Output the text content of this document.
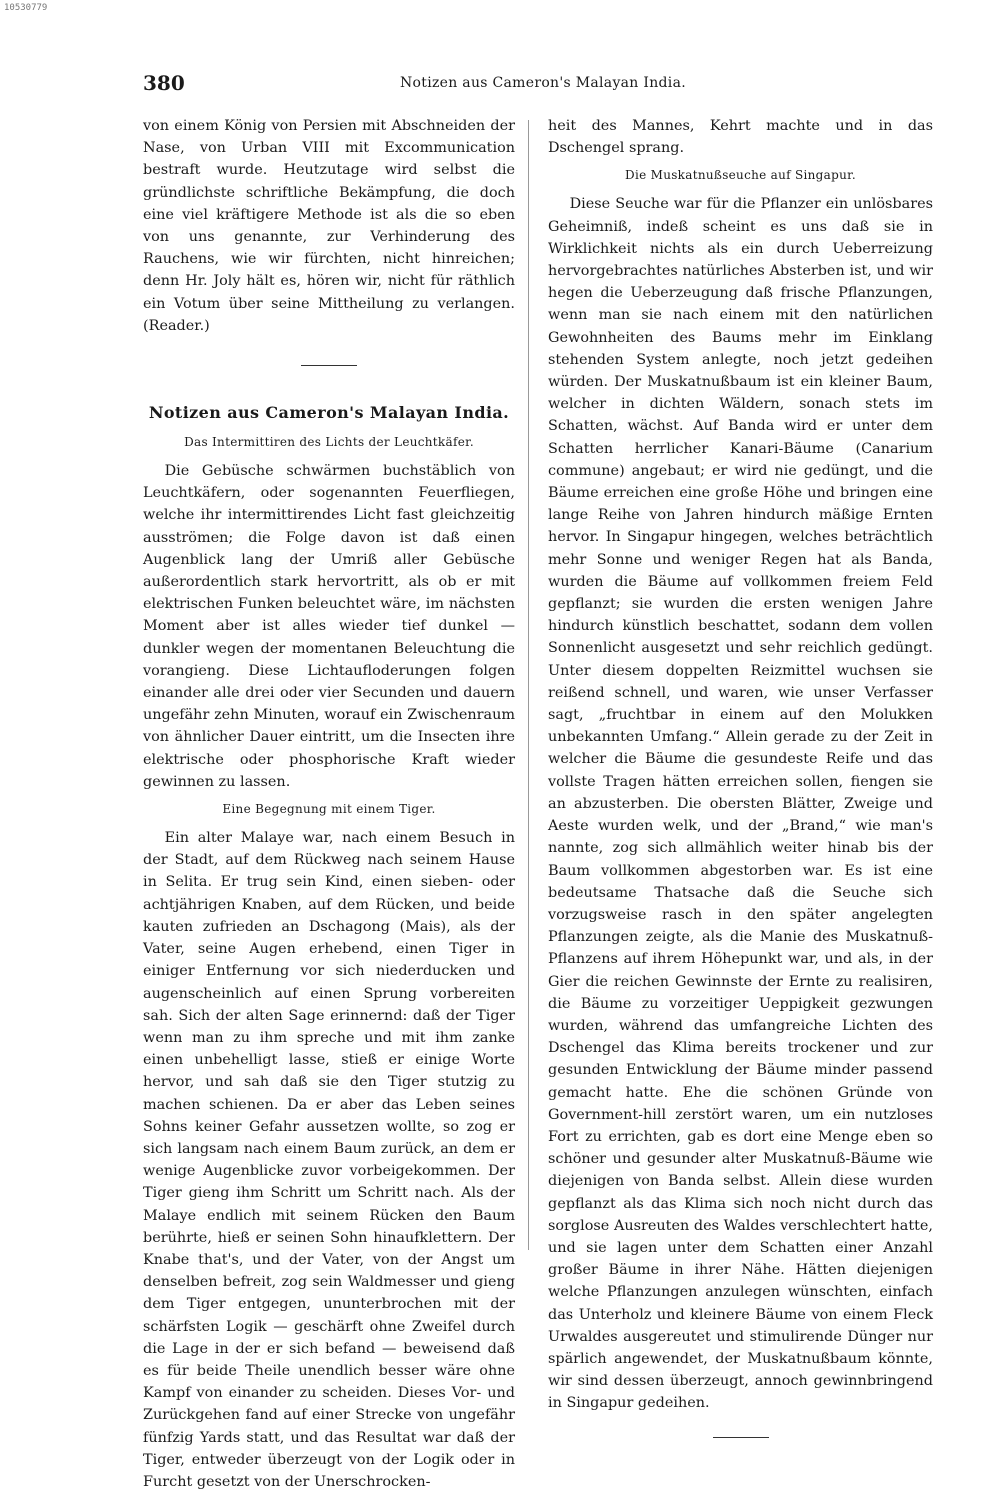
10530779
380	Notizen aus Cameron's Malayan India.

von einem König von Persien mit Abschneiden der Nase, von Urban VIII mit Excommunication bestraft wurde. Heutzutage wird selbst die gründlichste schriftliche Bekämpfung, die doch eine viel kräftigere Methode ist als die so eben von uns genannte, zur Verhinderung des Rauchens, wie wir fürchten, nicht hinreichen; denn Hr. Joly hält es, hören wir, nicht für räthlich ein Votum über seine Mittheilung zu verlangen. (Reader.)

Notizen aus Cameron's Malayan India.
Das Intermittiren des Lichts der Leuchtkäfer.

Die Gebüsche schwärmen buchstäblich von Leuchtkäfern, oder sogenannten Feuerfliegen, welche ihr intermittirendes Licht fast gleichzeitig ausströmen; die Folge davon ist daß einen Augenblick lang der Umriß aller Gebüsche außerordentlich stark hervortritt, als ob er mit elektrischen Funken beleuchtet wäre, im nächsten Moment aber ist alles wieder tief dunkel — dunkler wegen der momentanen Beleuchtung die vorangieng. Diese Lichtaufloderungen folgen einander alle drei oder vier Secunden und dauern ungefähr zehn Minuten, worauf ein Zwischenraum von ähnlicher Dauer eintritt, um die Insecten ihre elektrische oder phosphorische Kraft wieder gewinnen zu lassen.

Eine Begegnung mit einem Tiger.

Ein alter Malaye war, nach einem Besuch in der Stadt, auf dem Rückweg nach seinem Hause in Selita. Er trug sein Kind, einen sieben- oder achtjährigen Knaben, auf dem Rücken, und beide kauten zufrieden an Dschagong (Mais), als der Vater, seine Augen erhebend, einen Tiger in einiger Entfernung vor sich niederducken und augenscheinlich auf einen Sprung vorbereiten sah. Sich der alten Sage erinnernd: daß der Tiger wenn man zu ihm spreche und mit ihm zanke einen unbehelligt lasse, stieß er einige Worte hervor, und sah daß sie den Tiger stutzig zu machen schienen. Da er aber das Leben seines Sohns keiner Gefahr aussetzen wollte, so zog er sich langsam nach einem Baum zurück, an dem er wenige Augenblicke zuvor vorbeigekommen. Der Tiger gieng ihm Schritt um Schritt nach. Als der Malaye endlich mit seinem Rücken den Baum berührte, hieß er seinen Sohn hinaufklettern. Der Knabe that's, und der Vater, von der Angst um denselben befreit, zog sein Waldmesser und gieng dem Tiger entgegen, ununterbrochen mit der schärfsten Logik — geschärft ohne Zweifel durch die Lage in der er sich befand — beweisend daß es für beide Theile unendlich besser wäre ohne Kampf von einander zu scheiden. Dieses Vor- und Zurückgehen fand auf einer Strecke von ungefähr fünfzig Yards statt, und das Resultat war daß der Tiger, entweder überzeugt von der Logik oder in Furcht gesetzt von der Unerschrocken-

heit des Mannes, Kehrt machte und in das Dschengel sprang.

Die Muskatnußseuche auf Singapur.

Diese Seuche war für die Pflanzer ein unlösbares Geheimniß, indeß scheint es uns daß sie in Wirklichkeit nichts als ein durch Ueberreizung hervorgebrachtes natürliches Absterben ist, und wir hegen die Ueberzeugung daß frische Pflanzungen, wenn man sie nach einem mit den natürlichen Gewohnheiten des Baums mehr im Einklang stehenden System anlegte, noch jetzt gedeihen würden. Der Muskatnußbaum ist ein kleiner Baum, welcher in dichten Wäldern, sonach stets im Schatten, wächst. Auf Banda wird er unter dem Schatten herrlicher Kanari-Bäume (Canarium commune) angebaut; er wird nie gedüngt, und die Bäume erreichen eine große Höhe und bringen eine lange Reihe von Jahren hindurch mäßige Ernten hervor. In Singapur hingegen, welches beträchtlich mehr Sonne und weniger Regen hat als Banda, wurden die Bäume auf vollkommen freiem Feld gepflanzt; sie wurden die ersten wenigen Jahre hindurch künstlich beschattet, sodann dem vollen Sonnenlicht ausgesetzt und sehr reichlich gedüngt. Unter diesem doppelten Reizmittel wuchsen sie reißend schnell, und waren, wie unser Verfasser sagt, „fruchtbar in einem auf den Molukken unbekannten Umfang.“ Allein gerade zu der Zeit in welcher die Bäume die gesundeste Reife und das vollste Tragen hätten erreichen sollen, fiengen sie an abzusterben. Die obersten Blätter, Zweige und Aeste wurden welk, und der „Brand,“ wie man's nannte, zog sich allmählich weiter hinab bis der Baum vollkommen abgestorben war. Es ist eine bedeutsame Thatsache daß die Seuche sich vorzugsweise rasch in den später angelegten Pflanzungen zeigte, als die Manie des Muskatnuß-Pflanzens auf ihrem Höhepunkt war, und als, in der Gier die reichen Gewinnste der Ernte zu realisiren, die Bäume zu vorzeitiger Ueppigkeit gezwungen wurden, während das umfangreiche Lichten des Dschengel das Klima bereits trockener und zur gesunden Entwicklung der Bäume minder passend gemacht hatte. Ehe die schönen Gründe von Government-hill zerstört waren, um ein nutzloses Fort zu errichten, gab es dort eine Menge eben so schöner und gesunder alter Muskatnuß-Bäume wie diejenigen von Banda selbst. Allein diese wurden gepflanzt als das Klima sich noch nicht durch das sorglose Ausreuten des Waldes verschlechtert hatte, und sie lagen unter dem Schatten einer Anzahl großer Bäume in ihrer Nähe. Hätten diejenigen welche Pflanzungen anzulegen wünschten, einfach das Unterholz und kleinere Bäume von einem Fleck Urwaldes ausgereutet und stimulirende Dünger nur spärlich angewendet, der Muskatnußbaum könnte, wir sind dessen überzeugt, annoch gewinnbringend in Singapur gedeihen.
